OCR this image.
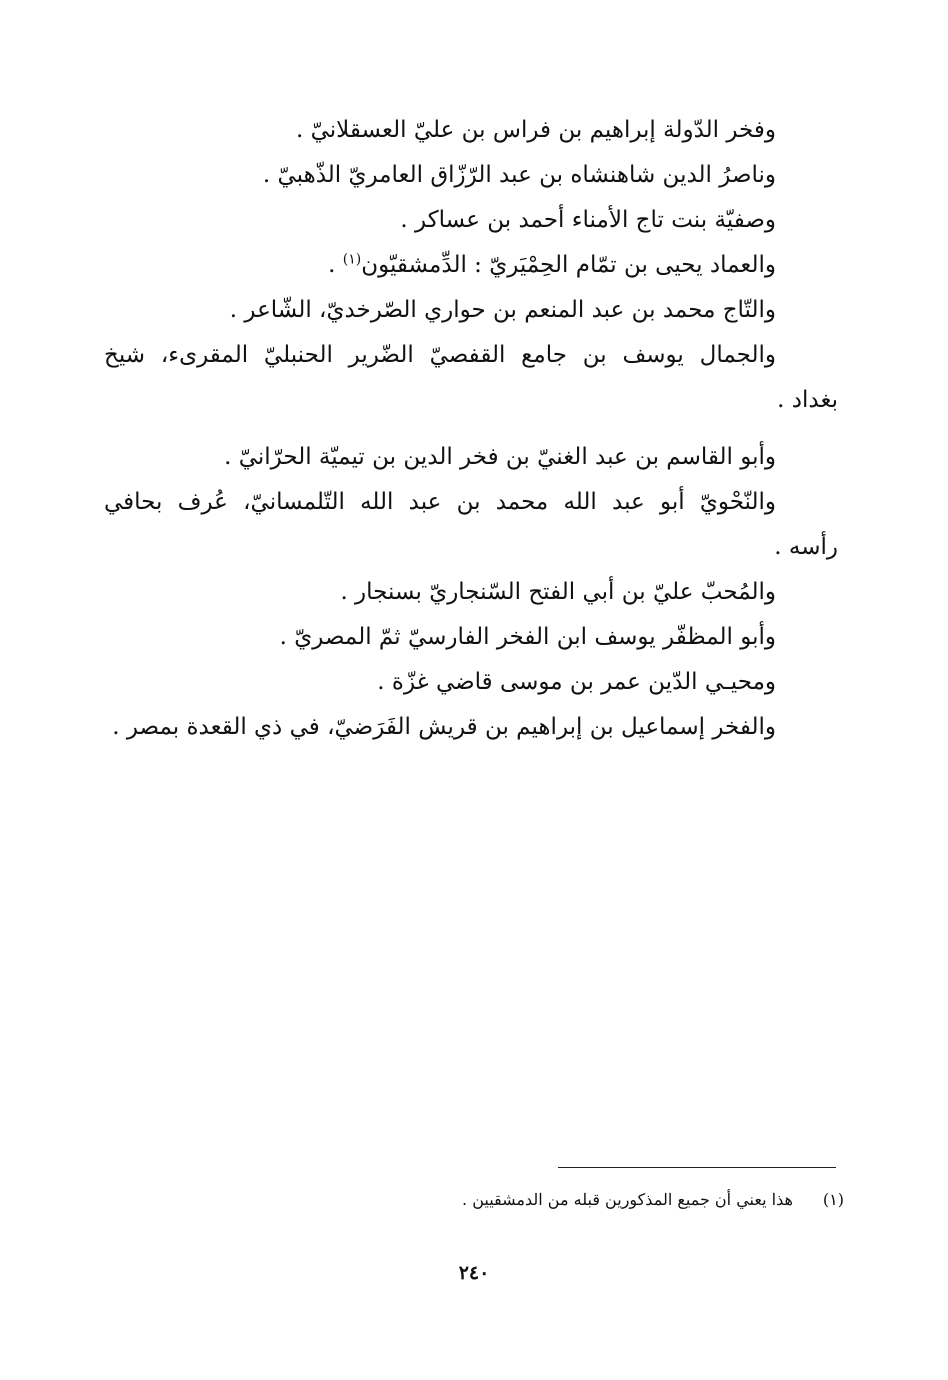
وفخر الدّولة إبراهيم بن فراس بن عليّ العسقلانيّ .
وناصرُ الدين شاهنشاه بن عبد الرّزّاق العامريّ الذّهبيّ .
وصفيّة بنت تاج الأمناء أحمد بن عساكر .
والعماد يحيى بن تمّام الحِمْيَريّ : الدِّمشقيّون$^{(١)}$ .
والتّاج محمد بن عبد المنعم بن حواري الصّرخديّ، الشّاعر .
والجمال يوسف بن جامع القفصيّ الضّرير الحنبليّ المقرىء، شيخ
بغداد .
وأبو القاسم بن عبد الغنيّ بن فخر الدين بن تيميّة الحرّانيّ .
والنّحْويّ أبو عبد الله محمد بن عبد الله التّلمسانيّ، عُرف بحافي
رأسه .
والمُحبّ عليّ بن أبي الفتح السّنجاريّ بسنجار .
وأبو المظفّر يوسف ابن الفخر الفارسيّ ثمّ المصريّ .
ومحيـي الدّين عمر بن موسى قاضي غزّة .
والفخر إسماعيل بن إبراهيم بن قريش الفَرَضيّ، في ذي القعدة بمصر .
(١)هذا يعني أن جميع المذكورين قبله من الدمشقيين .
٢٤٠
